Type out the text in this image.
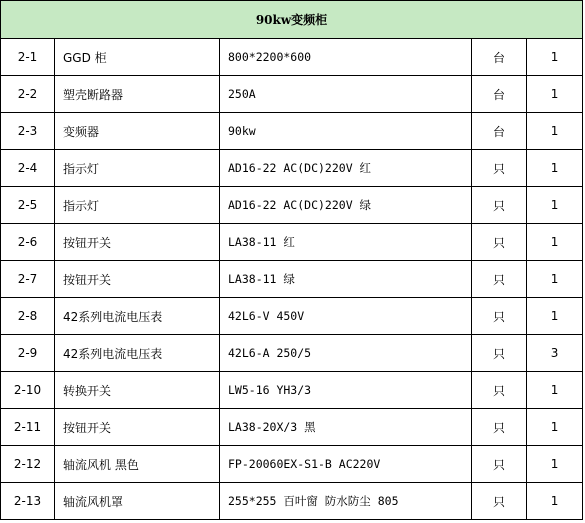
90kw变频柜				
2-1	GGD 柜	800*2200*600	台	1
2-2	塑壳断路器	250A	台	1
2-3	变频器	90kw	台	1
2-4	指示灯	AD16-22 AC(DC)220V 红	只	1
2-5	指示灯	AD16-22 AC(DC)220V 绿	只	1
2-6	按钮开关	LA38-11 红	只	1
2-7	按钮开关	LA38-11 绿	只	1
2-8	42系列电流电压表	42L6-V 450V	只	1
2-9	42系列电流电压表	42L6-A 250/5	只	3
2-10	转换开关	LW5-16 YH3/3	只	1
2-11	按钮开关	LA38-20X/3 黑	只	1
2-12	轴流风机 黑色	FP-20060EX-S1-B AC220V	只	1
2-13	轴流风机罩	255*255 百叶窗 防水防尘 805	只	1
